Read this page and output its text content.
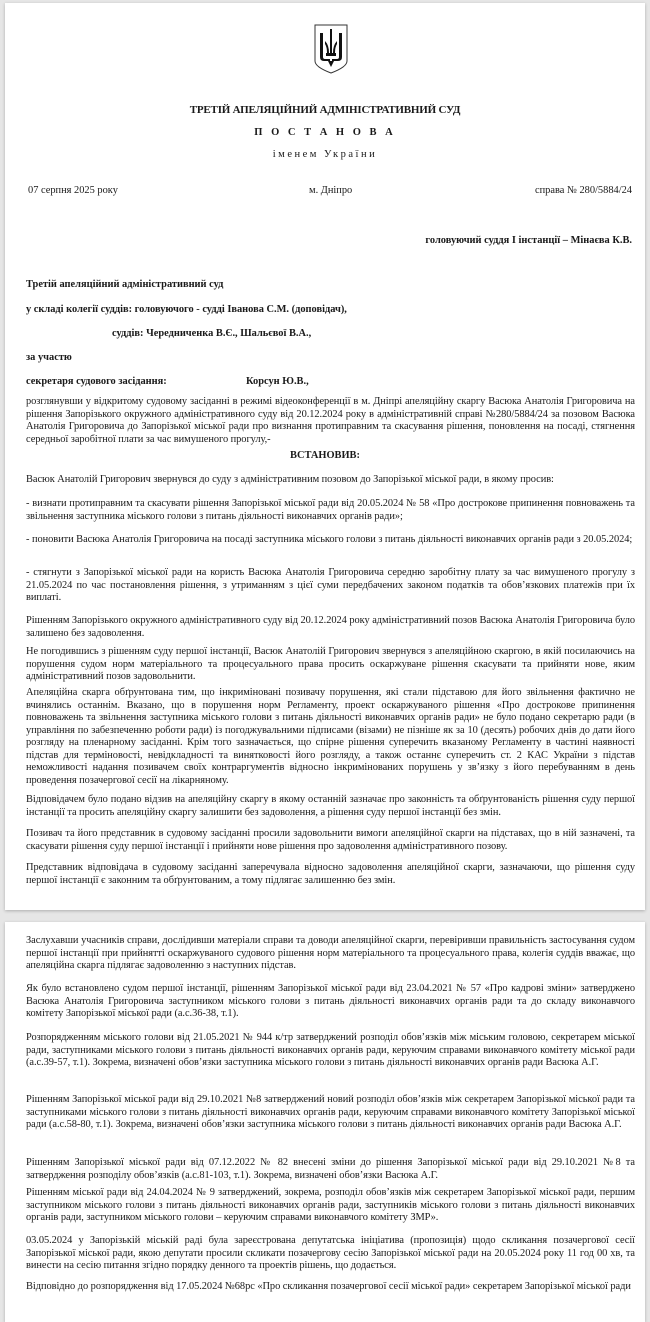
ТРЕТІЙ АПЕЛЯЦІЙНИЙ АДМІНІСТРАТИВНИЙ СУД
П О С Т А Н О В А
іменем України
07 серпня 2025 року	м. Дніпро	справа № 280/5884/24
головуючий суддя І інстанції – Мінаєва К.В.
Третій апеляційний адміністративний суд
у складі колегії суддів: головуючого - судді Іванова С.М. (доповідач),
суддів: Чередниченка В.Є., Шальєвої В.А.,
за участю
секретаря судового засідання:	Корсун Ю.В.,
розглянувши у відкритому судовому засіданні в режимі відеоконференції в м. Дніпрі апеляційну скаргу Васюка Анатолія Григоровича на рішення Запорізького окружного адміністративного суду від 20.12.2024 року в адміністративній справі №280/5884/24 за позовом Васюка Анатолія Григоровича до Запорізької міської ради про визнання протиправним та скасування рішення, поновлення на посаді, стягнення середньої заробітної плати за час вимушеного прогулу,-
ВСТАНОВИВ:
Васюк Анатолій Григорович звернувся до суду з адміністративним позовом до Запорізької міської ради, в якому просив:
- визнати протиправним та скасувати рішення Запорізької міської ради від 20.05.2024 № 58 «Про дострокове припинення повноважень та звільнення заступника міського голови з питань діяльності виконавчих органів ради»;
- поновити Васюка Анатолія Григоровича на посаді заступника міського голови з питань діяльності виконавчих органів ради з 20.05.2024;
- стягнути з Запорізької міської ради на користь Васюка Анатолія Григоровича середню заробітну плату за час вимушеного прогулу з 21.05.2024 по час постановлення рішення, з утриманням з цієї суми передбачених законом податків та обов’язкових платежів при їх виплаті.
Рішенням Запорізького окружного адміністративного суду від 20.12.2024 року адміністративний позов Васюка Анатолія Григоровича було залишено без задоволення.
Не погодившись з рішенням суду першої інстанції, Васюк Анатолій Григорович звернувся з апеляційною скаргою, в якій посилаючись на порушення судом норм матеріального та процесуального права просить оскаржуване рішення скасувати та прийняти нове, яким адміністративний позов задовольнити.
Апеляційна скарга обґрунтована тим, що інкриміновані позивачу порушення, які стали підставою для його звільнення фактично не вчинялись останнім. Вказано, що в порушення норм Регламенту, проект оскаржуваного рішення «Про дострокове припинення повноважень та звільнення заступника міського голови з питань діяльності виконавчих органів ради» не було подано секретарю ради (в управління по забезпеченню роботи ради) із погоджувальними підписами (візами) не пізніше як за 10 (десять) робочих днів до дати його розгляду на пленарному засіданні. Крім того зазначається, що спірне рішення суперечить вказаному Регламенту в частині наявності підстав для терміновості, невідкладності та винятковості його розгляду, а також останнє суперечить ст. 2 КАС України з підстав неможливості надання позивачем своїх контраргументів відносно інкримінованих порушень у зв’язку з його перебуванням в день проведення позачергової сесії на лікарняному.
Відповідачем було подано відзив на апеляційну скаргу в якому останній зазначає про законність та обґрунтованість рішення суду першої інстанції та просить апеляційну скаргу залишити без задоволення, а рішення суду першої інстанції без змін.
Позивач та його представник в судовому засіданні просили задовольнити вимоги апеляційної скарги на підставах, що в ній зазначені, та скасувати рішення суду першої інстанції і прийняти нове рішення про задоволення адміністративного позову.
Представник відповідача в судовому засіданні заперечувала відносно задоволення апеляційної скарги, зазначаючи, що рішення суду першої інстанції є законним та обґрунтованим, а тому підлягає залишенню без змін.
Заслухавши учасників справи, дослідивши матеріали справи та доводи апеляційної скарги, перевіривши правильність застосування судом першої інстанції при прийнятті оскаржуваного судового рішення норм матеріального та процесуального права, колегія суддів вважає, що апеляційна скарга підлягає задоволенню з наступних підстав.
Як було встановлено судом першої інстанції, рішенням Запорізької міської ради від 23.04.2021 № 57 «Про кадрові зміни» затверджено Васюка Анатолія Григоровича заступником міського голови з питань діяльності виконавчих органів ради та до складу виконавчого комітету Запорізької міської ради (а.с.36-38, т.1).
Розпорядженням міського голови від 21.05.2021 № 944 к/тр затверджений розподіл обов’язків між міським головою, секретарем міської ради, заступниками міського голови з питань діяльності виконавчих органів ради, керуючим справами виконавчого комітету міської ради (а.с.39-57, т.1). Зокрема, визначені обов’язки заступника міського голови з питань діяльності виконавчих органів ради Васюка А.Г.
Рішенням Запорізької міської ради від 29.10.2021 №8 затверджений новий розподіл обов’язків між секретарем Запорізької міської ради та заступниками міського голови з питань діяльності виконавчих органів ради, керуючим справами виконавчого комітету Запорізької міської ради (а.с.58-80, т.1). Зокрема, визначені обов’язки заступника міського голови з питань діяльності виконавчих органів ради Васюка А.Г.
Рішенням Запорізької міської ради від 07.12.2022 № 82 внесені зміни до рішення Запорізької міської ради від 29.10.2021 №8 та затвердження розподілу обов’язків (а.с.81-103, т.1). Зокрема, визначені обов’язки Васюка А.Г.
Рішенням міської ради від 24.04.2024 № 9 затверджений, зокрема, розподіл обов’язків між секретарем Запорізької міської ради, першим заступником міського голови з питань діяльності виконавчих органів ради, заступників міського голови з питань діяльності виконавчих органів ради, заступником міського голови – керуючим справами виконавчого комітету ЗМР».
03.05.2024 у Запорізькій міській раді була зареєстрована депутатська ініціатива (пропозиція) щодо скликання позачергової сесії Запорізької міської ради, якою депутати просили скликати позачергову сесію Запорізької міської ради на 20.05.2024 року 11 год 00 хв, та винести на сесію питання згідно порядку денного та проектів рішень, що додається.
Відповідно до розпорядження від 17.05.2024 №68рс «Про скликання позачергової сесії міської ради» секретарем Запорізької міської ради
